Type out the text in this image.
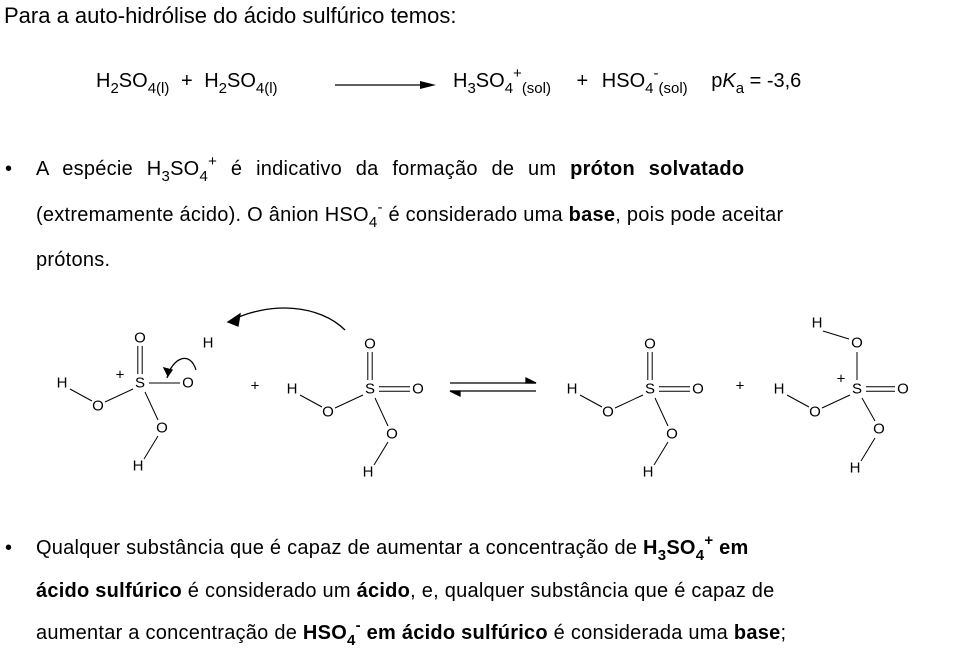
Para a auto-hidrólise do ácido sulfúrico temos:
$H_2SO_{4(l)} + H_2SO_{4(l)}$	$H_3SO_4^+_{(sol)} + HSO_4^-_{(sol)}$ $pK_a = -3,6$
• A espécie $H_3SO_4^+$ é indicativo da formação de um próton solvatado
(extremamente ácido). O ânion $HSO_4^-$ é considerado uma base, pois pode aceitar
prótons.
S
O
O
H
O
H
O
+
H
S
O
O
H
O
H
O	S
O
O
H
O
H
O	S
O
H
O
H
O
H
O
+
+	+
• Qualquer substância que é capaz de aumentar a concentração de $H_3SO_4^+$ em
ácido sulfúrico é considerado um ácido, e, qualquer substância que é capaz de
aumentar a concentração de $HSO_4^-$ em ácido sulfúrico é considerada uma base;
